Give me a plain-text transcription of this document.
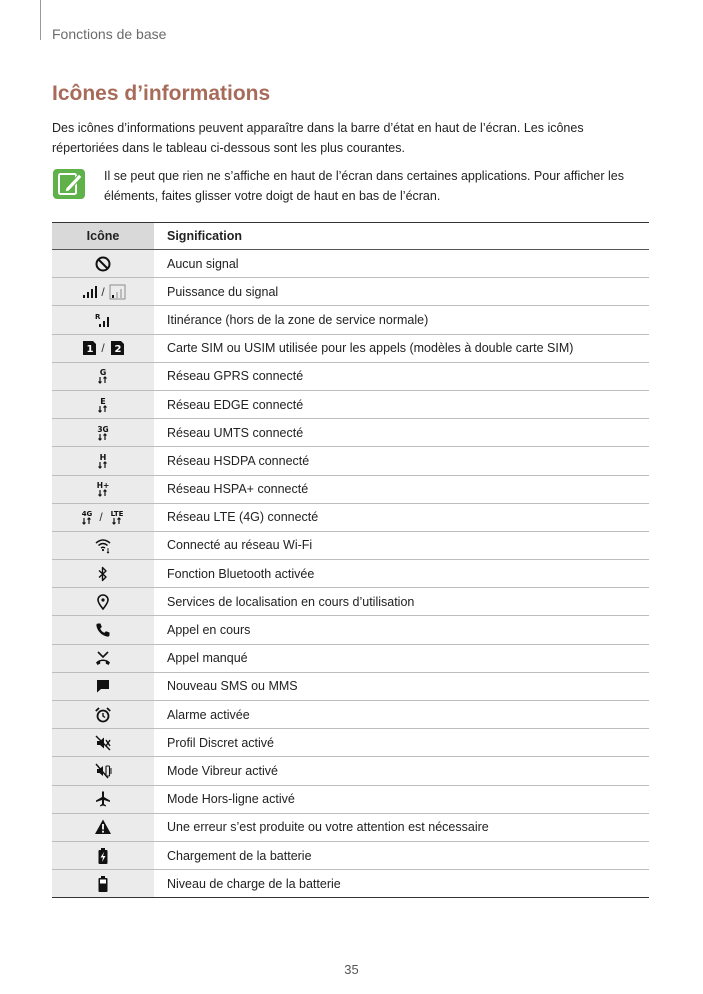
Fonctions de base
Icônes d’informations
Des icônes d’informations peuvent apparaître dans la barre d’état en haut de l’écran. Les icônes répertoriées dans le tableau ci-dessous sont les plus courantes.
Il se peut que rien ne s’affiche en haut de l’écran dans certaines applications. Pour afficher les éléments, faites glisser votre doigt de haut en bas de l’écran.
Icône	Signification
Aucun signal
/	Puissance du signal
R	Itinérance (hors de la zone de service normale)
1 / 2	Carte SIM ou USIM utilisée pour les appels (modèles à double carte SIM)
G	Réseau GPRS connecté
E	Réseau EDGE connecté
3G	Réseau UMTS connecté
H	Réseau HSDPA connecté
H+	Réseau HSPA+ connecté
4G / LTE	Réseau LTE (4G) connecté
Connecté au réseau Wi-Fi
Fonction Bluetooth activée
Services de localisation en cours d’utilisation
Appel en cours
Appel manqué
Nouveau SMS ou MMS
Alarme activée
Profil Discret activé
Mode Vibreur activé
Mode Hors-ligne activé
Une erreur s’est produite ou votre attention est nécessaire
Chargement de la batterie
Niveau de charge de la batterie
35
